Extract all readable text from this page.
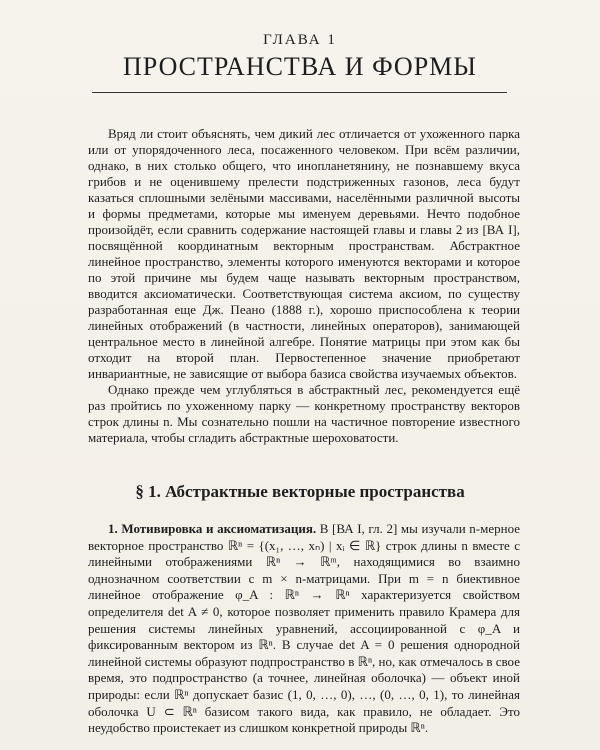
ГЛАВА 1
ПРОСТРАНСТВА И ФОРМЫ

Вряд ли стоит объяснять, чем дикий лес отличается от ухоженного парка или от упорядоченного леса, посаженного человеком. При всём различии, однако, в них столько общего, что инопланетянину, не познавшему вкуса грибов и не оценившему прелести подстриженных газонов, леса будут казаться сплошными зелёными массивами, населёнными различной высоты и формы предметами, которые мы именуем деревьями. Нечто подобное произойдёт, если сравнить содержание настоящей главы и главы 2 из [ВА I], посвящённой координатным векторным пространствам. Абстрактное линейное пространство, элементы которого именуются векторами и которое по этой причине мы будем чаще называть векторным пространством, вводится аксиоматически. Соответствующая система аксиом, по существу разработанная еще Дж. Пеано (1888 г.), хорошо приспособлена к теории линейных отображений (в частности, линейных операторов), занимающей центральное место в линейной алгебре. Понятие матрицы при этом как бы отходит на второй план. Первостепенное значение приобретают инвариантные, не зависящие от выбора базиса свойства изучаемых объектов.

Однако прежде чем углубляться в абстрактный лес, рекомендуется ещё раз пройтись по ухоженному парку — конкретному пространству векторов строк длины n. Мы сознательно пошли на частичное повторение известного материала, чтобы сгладить абстрактные шероховатости.

§ 1. Абстрактные векторные пространства

1. Мотивировка и аксиоматизация. В [ВА I, гл. 2] мы изучали n-мерное векторное пространство ℝⁿ = {(x₁, …, xₙ) | xᵢ ∈ ℝ} строк длины n вместе с линейными отображениями ℝⁿ → ℝᵐ, находящимися во взаимно однозначном соответствии с m × n-матрицами. При m = n биективное линейное отображение φ_A : ℝⁿ → ℝⁿ характеризуется свойством определителя det A ≠ 0, которое позволяет применить правило Крамера для решения системы линейных уравнений, ассоциированной с φ_A и фиксированным вектором из ℝⁿ. В случае det A = 0 решения однородной линейной системы образуют подпространство в ℝⁿ, но, как отмечалось в свое время, это подпространство (а точнее, линейная оболочка) — объект иной природы: если ℝⁿ допускает базис (1, 0, …, 0), …, (0, …, 0, 1), то линейная оболочка U ⊂ ℝⁿ базисом такого вида, как правило, не обладает. Это неудобство проистекает из слишком конкретной природы ℝⁿ.
